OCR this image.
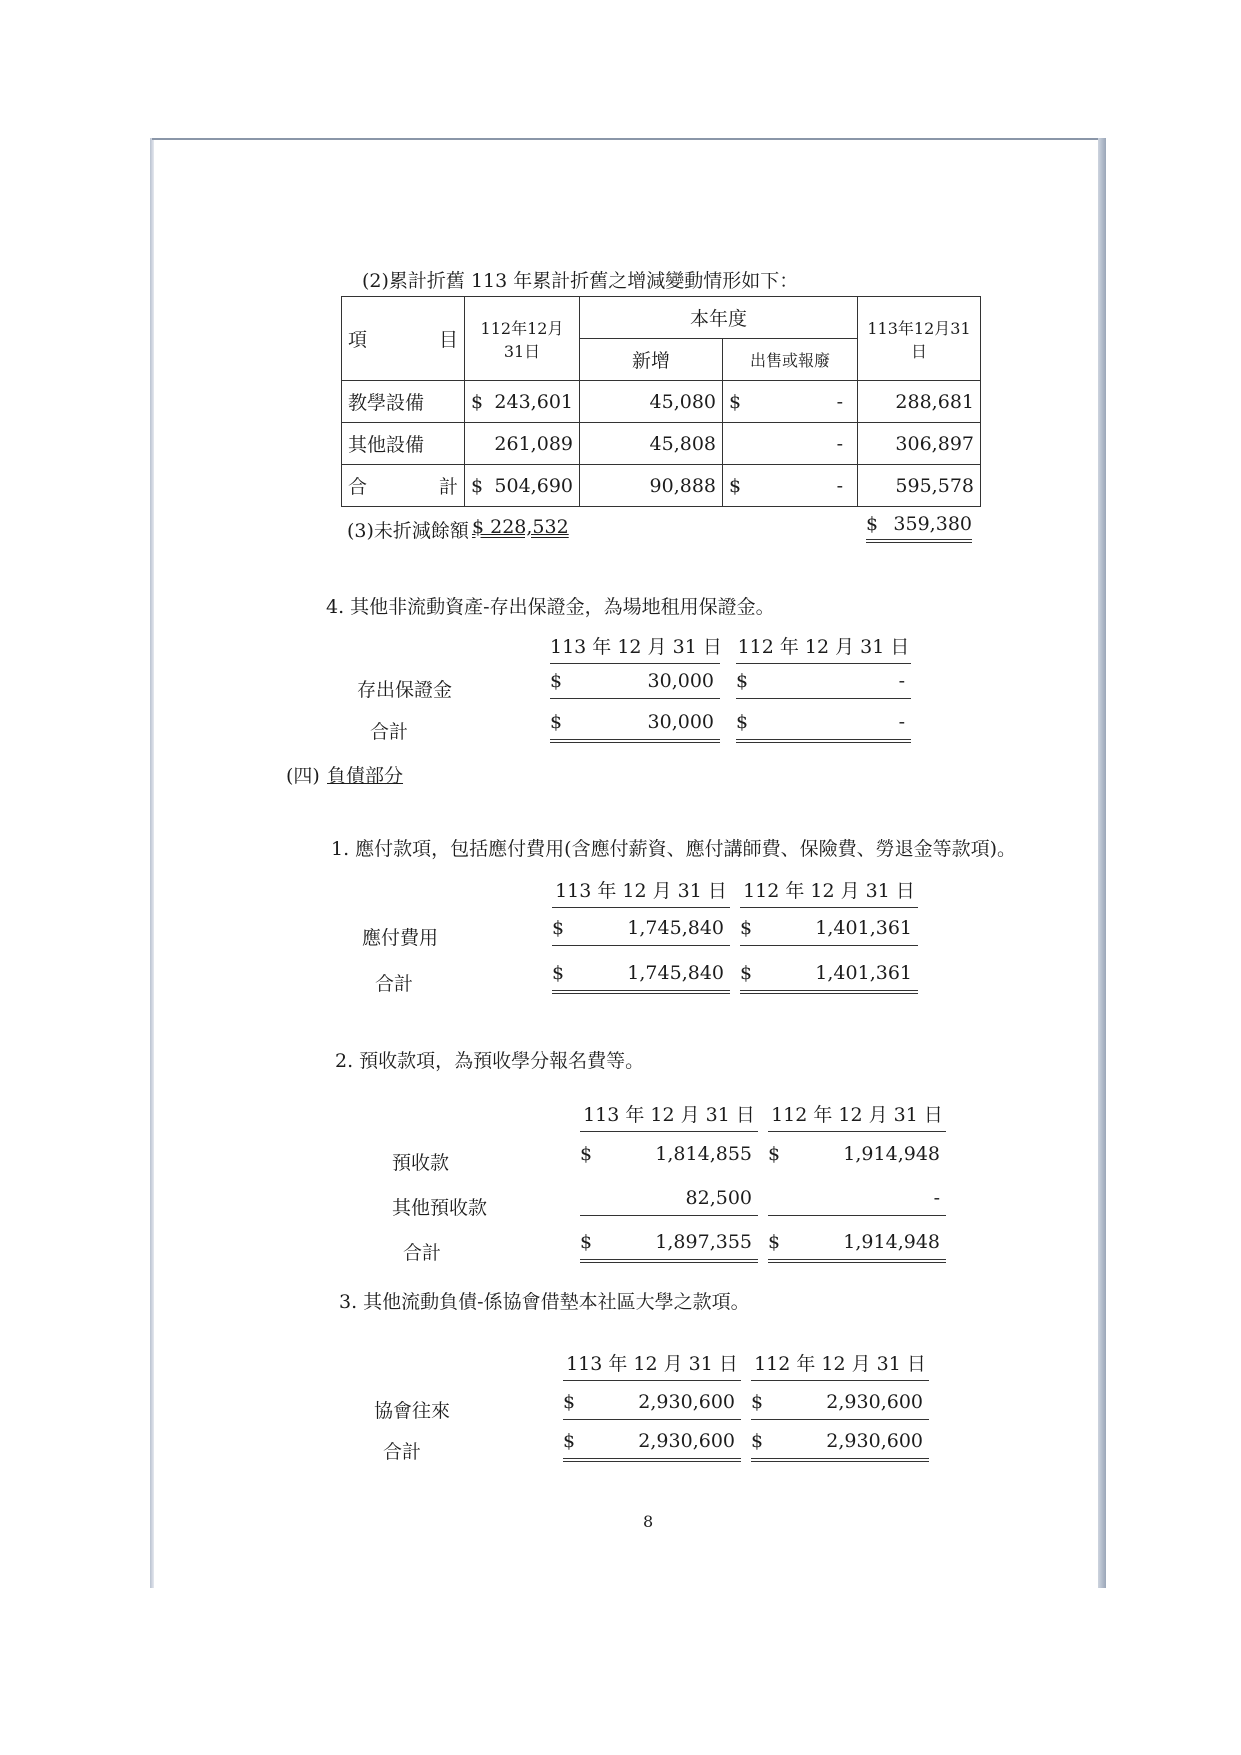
(2)累計折舊 113 年累計折舊之增減變動情形如下：
項 目	112年12月31日	本年度		113年12月31日
		新增	出售或報廢	
教學設備	$ 243,601	45,080	$ -	288,681
其他設備	261,089	45,808	-	306,897
合 計	$ 504,690	90,888	$ -	595,578
(3)未折減餘額 $ 228,532	$ 359,380
4. 其他非流動資產-存出保證金，為場地租用保證金。
113 年 12 月 31 日 112 年 12 月 31 日
存出保證金	$	30,000 $	-
合計	$	30,000 $	-
(四) 負債部分
1. 應付款項，包括應付費用(含應付薪資、應付講師費、保險費、勞退金等款項)。
113 年 12 月 31 日 112 年 12 月 31 日
應付費用	$	1,745,840 $	1,401,361
合計	$	1,745,840 $	1,401,361
2. 預收款項，為預收學分報名費等。
113 年 12 月 31 日 112 年 12 月 31 日
預收款	$	1,814,855 $	1,914,948
其他預收款	82,500	-
合計	$	1,897,355 $	1,914,948
3. 其他流動負債-係協會借墊本社區大學之款項。
113 年 12 月 31 日 112 年 12 月 31 日
協會往來	$	2,930,600 $	2,930,600
合計	$	2,930,600 $	2,930,600
8
